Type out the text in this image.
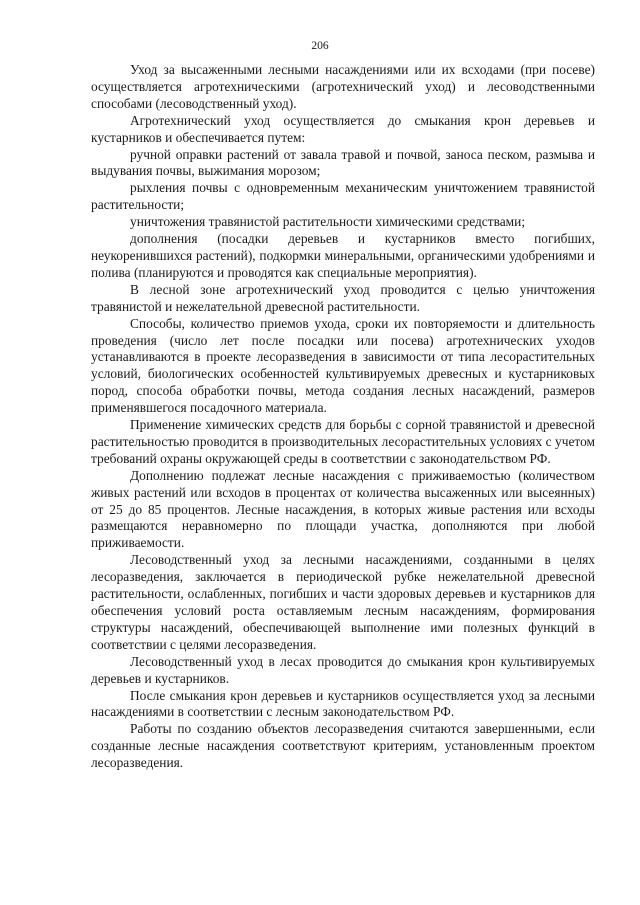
206

Уход за высаженными лесными насаждениями или их всходами (при посеве) осуществляется агротехническими (агротехнический уход) и лесоводственными способами (лесоводственный уход).

Агротехнический уход осуществляется до смыкания крон деревьев и кустарников и обеспечивается путем:

ручной оправки растений от завала травой и почвой, заноса песком, размыва и выдувания почвы, выжимания морозом;

рыхления почвы с одновременным механическим уничтожением травянистой растительности;

уничтожения травянистой растительности химическими средствами;

дополнения (посадки деревьев и кустарников вместо погибших, неукоренившихся растений), подкормки минеральными, органическими удобрениями и полива (планируются и проводятся как специальные мероприятия).

В лесной зоне агротехнический уход проводится с целью уничтожения травянистой и нежелательной древесной растительности.

Способы, количество приемов ухода, сроки их повторяемости и длительность проведения (число лет после посадки или посева) агротехнических уходов устанавливаются в проекте лесоразведения в зависимости от типа лесорастительных условий, биологических особенностей культивируемых древесных и кустарниковых пород, способа обработки почвы, метода создания лесных насаждений, размеров применявшегося посадочного материала.

Применение химических средств для борьбы с сорной травянистой и древесной растительностью проводится в производительных лесорастительных условиях с учетом требований охраны окружающей среды в соответствии с законодательством РФ.

Дополнению подлежат лесные насаждения с приживаемостью (количеством живых растений или всходов в процентах от количества высаженных или высеянных) от 25 до 85 процентов. Лесные насаждения, в которых живые растения или всходы размещаются неравномерно по площади участка, дополняются при любой приживаемости.

Лесоводственный уход за лесными насаждениями, созданными в целях лесоразведения, заключается в периодической рубке нежелательной древесной растительности, ослабленных, погибших и части здоровых деревьев и кустарников для обеспечения условий роста оставляемым лесным насаждениям, формирования структуры насаждений, обеспечивающей выполнение ими полезных функций в соответствии с целями лесоразведения.

Лесоводственный уход в лесах проводится до смыкания крон культивируемых деревьев и кустарников.

После смыкания крон деревьев и кустарников осуществляется уход за лесными насаждениями в соответствии с лесным законодательством РФ.

Работы по созданию объектов лесоразведения считаются завершенными, если созданные лесные насаждения соответствуют критериям, установленным проектом лесоразведения.
